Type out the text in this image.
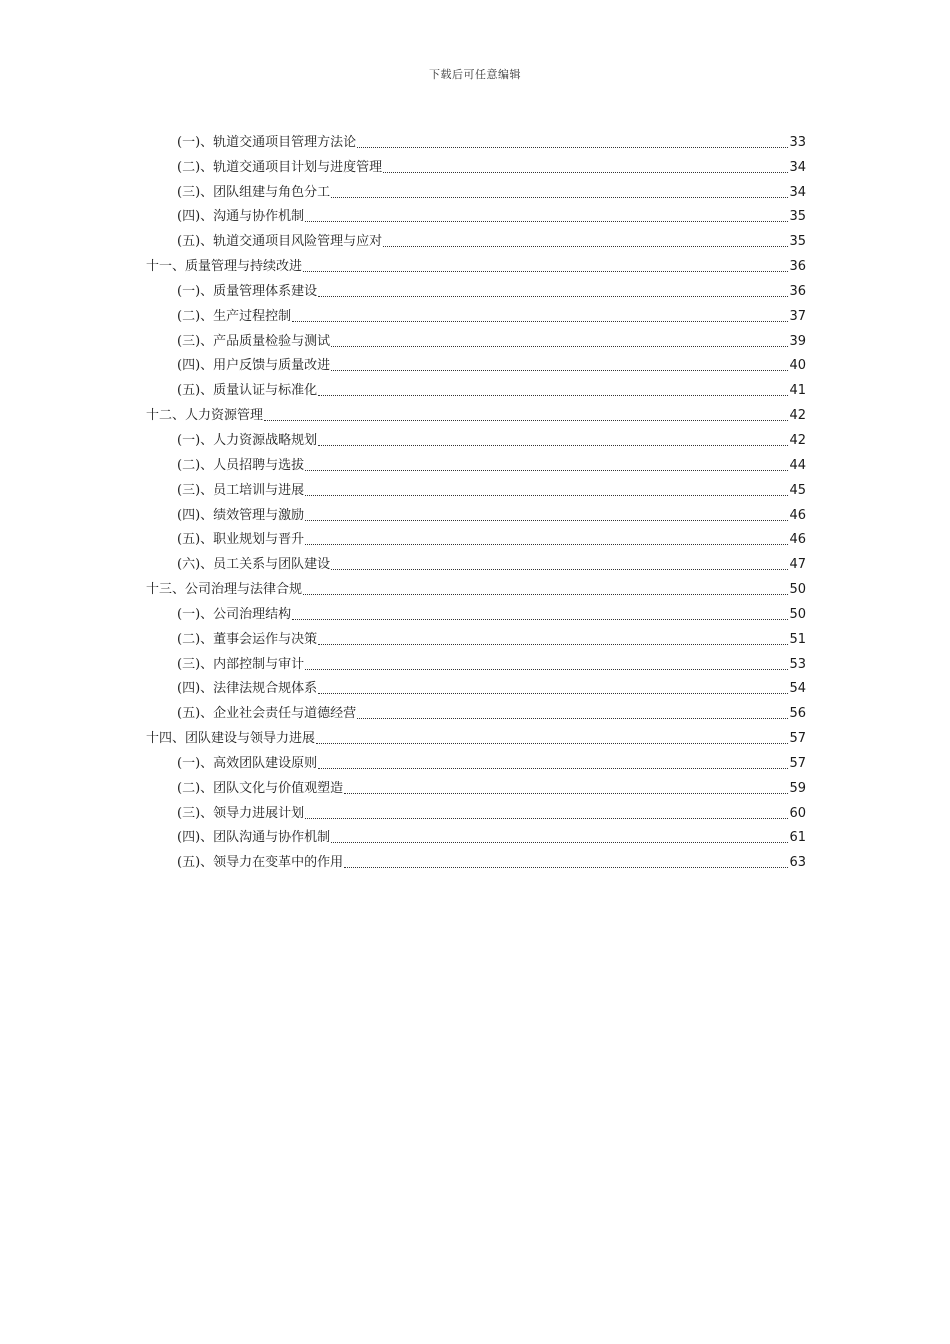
下载后可任意编辑
(一)、轨道交通项目管理方法论	33
(二)、轨道交通项目计划与进度管理	34
(三)、团队组建与角色分工	34
(四)、沟通与协作机制	35
(五)、轨道交通项目风险管理与应对	35
十一、质量管理与持续改进	36
(一)、质量管理体系建设	36
(二)、生产过程控制	37
(三)、产品质量检验与测试	39
(四)、用户反馈与质量改进	40
(五)、质量认证与标准化	41
十二、人力资源管理	42
(一)、人力资源战略规划	42
(二)、人员招聘与选拔	44
(三)、员工培训与进展	45
(四)、绩效管理与激励	46
(五)、职业规划与晋升	46
(六)、员工关系与团队建设	47
十三、公司治理与法律合规	50
(一)、公司治理结构	50
(二)、董事会运作与决策	51
(三)、内部控制与审计	53
(四)、法律法规合规体系	54
(五)、企业社会责任与道德经营	56
十四、团队建设与领导力进展	57
(一)、高效团队建设原则	57
(二)、团队文化与价值观塑造	59
(三)、领导力进展计划	60
(四)、团队沟通与协作机制	61
(五)、领导力在变革中的作用	63
